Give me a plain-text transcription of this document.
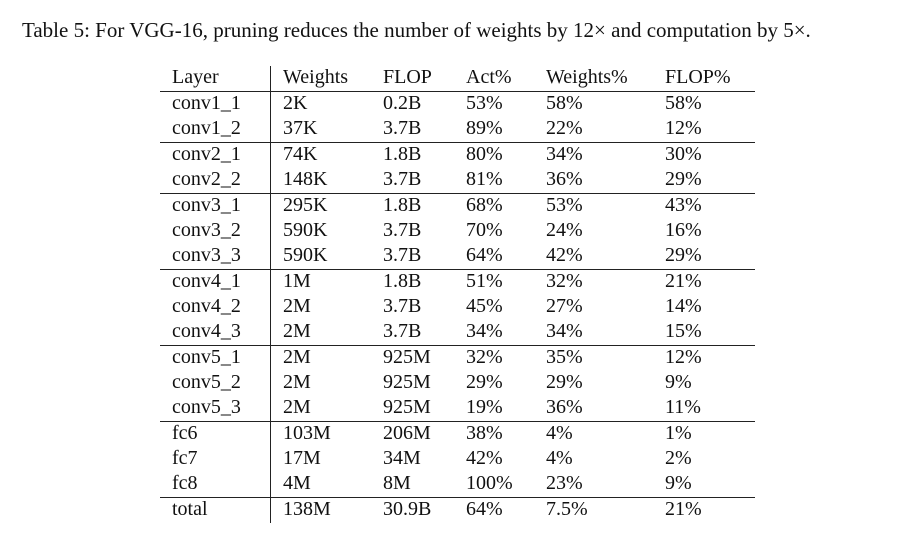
Table 5: For VGG-16, pruning reduces the number of weights by 12× and computation by 5×.
Layer	Weights	FLOP	Act%	Weights%	FLOP%
conv1_1	2K	0.2B	53%	58%	58%
conv1_2	37K	3.7B	89%	22%	12%
conv2_1	74K	1.8B	80%	34%	30%
conv2_2	148K	3.7B	81%	36%	29%
conv3_1	295K	1.8B	68%	53%	43%
conv3_2	590K	3.7B	70%	24%	16%
conv3_3	590K	3.7B	64%	42%	29%
conv4_1	1M	1.8B	51%	32%	21%
conv4_2	2M	3.7B	45%	27%	14%
conv4_3	2M	3.7B	34%	34%	15%
conv5_1	2M	925M	32%	35%	12%
conv5_2	2M	925M	29%	29%	9%
conv5_3	2M	925M	19%	36%	11%
fc6	103M	206M	38%	4%	1%
fc7	17M	34M	42%	4%	2%
fc8	4M	8M	100%	23%	9%
total	138M	30.9B	64%	7.5%	21%
